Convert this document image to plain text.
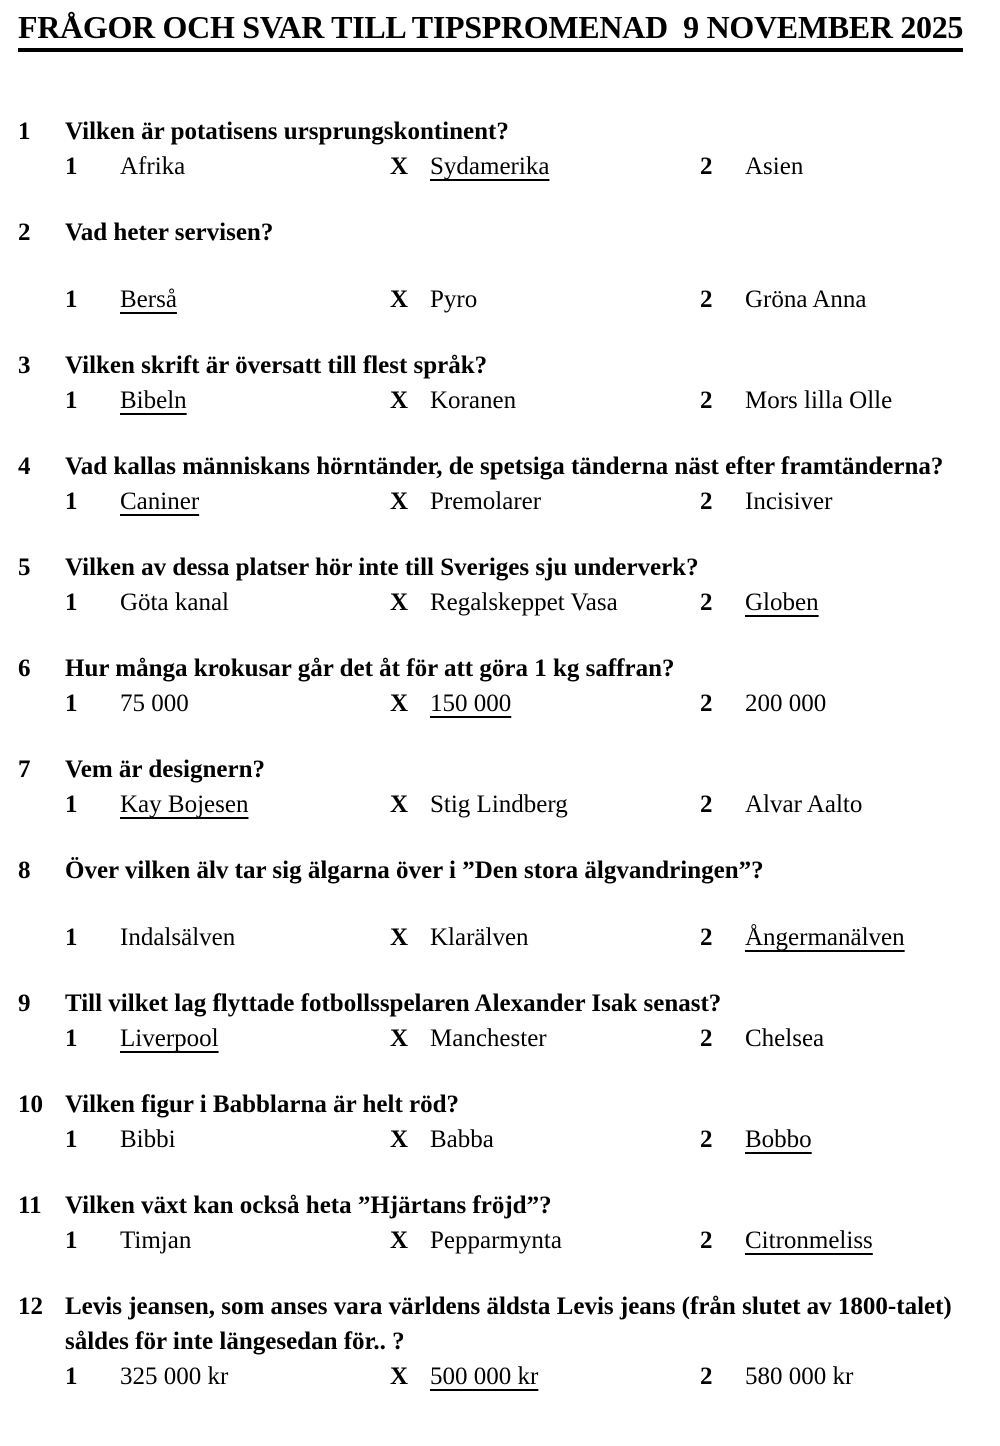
FRÅGOR OCH SVAR TILL TIPSPROMENAD  9 NOVEMBER 2025
1	Vilken är potatisens ursprungskontinent?
1	Afrika	X Sydamerika	2	Asien
2	Vad heter servisen?
1	Berså	X Pyro	2	Gröna Anna
3	Vilken skrift är översatt till flest språk?
1	Bibeln	X Koranen	2	Mors lilla Olle
4	Vad kallas människans hörntänder, de spetsiga tänderna näst efter framtänderna?
1	Caniner	X Premolarer	2	Incisiver
5	Vilken av dessa platser hör inte till Sveriges sju underverk?
1	Göta kanal	X Regalskeppet Vasa	2	Globen
6	Hur många krokusar går det åt för att göra 1 kg saffran?
1	75 000	X 150 000	2	200 000
7	Vem är designern?
1	Kay Bojesen	X Stig Lindberg	2	Alvar Aalto
8	Över vilken älv tar sig älgarna över i ”Den stora älgvandringen”?
1	Indalsälven	X Klarälven	2	Ångermanälven
9	Till vilket lag flyttade fotbollsspelaren Alexander Isak senast?
1	Liverpool	X Manchester	2	Chelsea
10 Vilken figur i Babblarna är helt röd?
1	Bibbi	X Babba	2	Bobbo
11 Vilken växt kan också heta ”Hjärtans fröjd”?
1	Timjan	X Pepparmynta	2	Citronmeliss
12 Levis jeansen, som anses vara världens äldsta Levis jeans (från slutet av 1800-talet) såldes för inte längesedan för.. ?
1	325 000 kr	X 500 000 kr	2	580 000 kr
